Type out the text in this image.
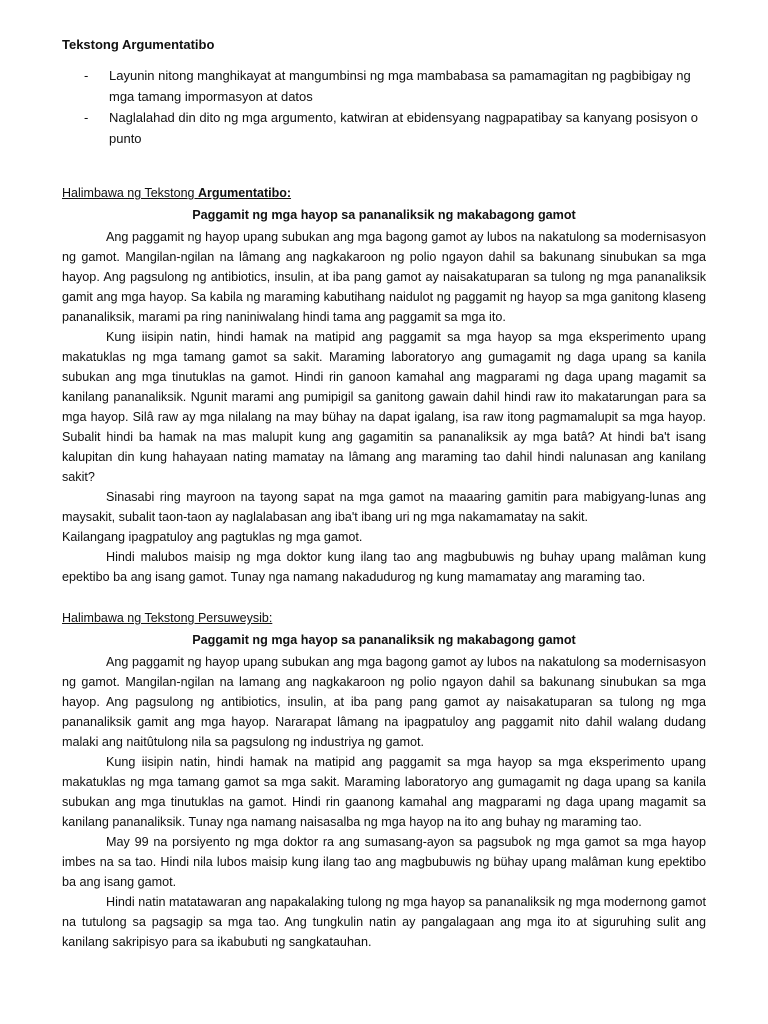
Tekstong Argumentatibo
-	Layunin nitong manghikayat at mangumbinsi ng mga mambabasa sa pamamagitan ng pagbibigay ng mga tamang impormasyon at datos
-	Naglalahad din dito ng mga argumento, katwiran at ebidensyang nagpapatibay sa kanyang posisyon o punto

Halimbawa ng Tekstong Argumentatibo:

Paggamit ng mga hayop sa pananaliksik ng makabagong gamot

Ang paggamit ng hayop upang subukan ang mga bagong gamot ay lubos na nakatulong sa modernisasyon ng gamot. Mangilan-ngilan na lâmang ang nagkakaroon ng polio ngayon dahil sa bakunang sinubukan sa mga hayop. Ang pagsulong ng antibiotics, insulin, at iba pang gamot ay naisakatuparan sa tulong ng mga pananaliksik gamit ang mga hayop. Sa kabila ng maraming kabutihang naidulot ng paggamit ng hayop sa mga ganitong klaseng pananaliksik, marami pa ring naniniwalang hindi tama ang paggamit sa mga ito.

Kung iisipin natin, hindi hamak na matipid ang paggamit sa mga hayop sa mga eksperimento upang makatuklas ng mga tamang gamot sa sakit. Maraming laboratoryo ang gumagamit ng daga upang sa kanila subukan ang mga tinutuklas na gamot. Hindi rin ganoon kamahal ang magparami ng daga upang magamit sa kanilang pananaliksik. Ngunit marami ang pumipigil sa ganitong gawain dahil hindi raw ito makatarungan para sa mga hayop. Silâ raw ay mga nilalang na may bühay na dapat igalang, isa raw itong pagmamalupit sa mga hayop. Subalit hindi ba hamak na mas malupit kung ang gagamitin sa pananaliksik ay mga batâ? At hindi ba't isang kalupitan din kung hahayaan nating mamatay na lâmang ang maraming tao dahil hindi nalunasan ang kanilang sakit?

Sinasabi ring mayroon na tayong sapat na mga gamot na maaaring gamitin para mabigyang-lunas ang maysakit, subalit taon-taon ay naglalabasan ang iba't ibang uri ng mga nakamamatay na sakit.

Kailangang ipagpatuloy ang pagtuklas ng mga gamot.

Hindi malubos maisip ng mga doktor kung ilang tao ang magbubuwis ng buhay upang malâman kung epektibo ba ang isang gamot. Tunay nga namang nakadudurog ng kung mamamatay ang maraming tao.

Halimbawa ng Tekstong Persuweysib:

Paggamit ng mga hayop sa pananaliksik ng makabagong gamot

Ang paggamit ng hayop upang subukan ang mga bagong gamot ay lubos na nakatulong sa modernisasyon ng gamot. Mangilan-ngilan na lamang ang nagkakaroon ng polio ngayon dahil sa bakunang sinubukan sa mga hayop. Ang pagsulong ng antibiotics, insulin, at iba pang pang gamot ay naisakatuparan sa tulong ng mga pananaliksik gamit ang mga hayop. Nararapat lâmang na ipagpatuloy ang paggamit nito dahil walang dudang malaki ang naitûtulong nila sa pagsulong ng industriya ng gamot.

Kung iisipin natin, hindi hamak na matipid ang paggamit sa mga hayop sa mga eksperimento upang makatuklas ng mga tamang gamot sa mga sakit. Maraming laboratoryo ang gumagamit ng daga upang sa kanila subukan ang mga tinutuklas na gamot. Hindi rin gaanong kamahal ang magparami ng daga upang magamit sa kanilang pananaliksik. Tunay nga namang naisasalba ng mga hayop na ito ang buhay ng maraming tao.

May 99 na porsiyento ng mga doktor ra ang sumasang-ayon sa pagsubok ng mga gamot sa mga hayop imbes na sa tao. Hindi nila lubos maisip kung ilang tao ang magbubuwis ng bühay upang malâman kung epektibo ba ang isang gamot.

Hindi natin matatawaran ang napakalaking tulong ng mga hayop sa pananaliksik ng mga modernong gamot na tutulong sa pagsagip sa mga tao. Ang tungkulin natin ay pangalagaan ang mga ito at siguruhing sulit ang kanilang sakripisyo para sa ikabubuti ng sangkatauhan.
